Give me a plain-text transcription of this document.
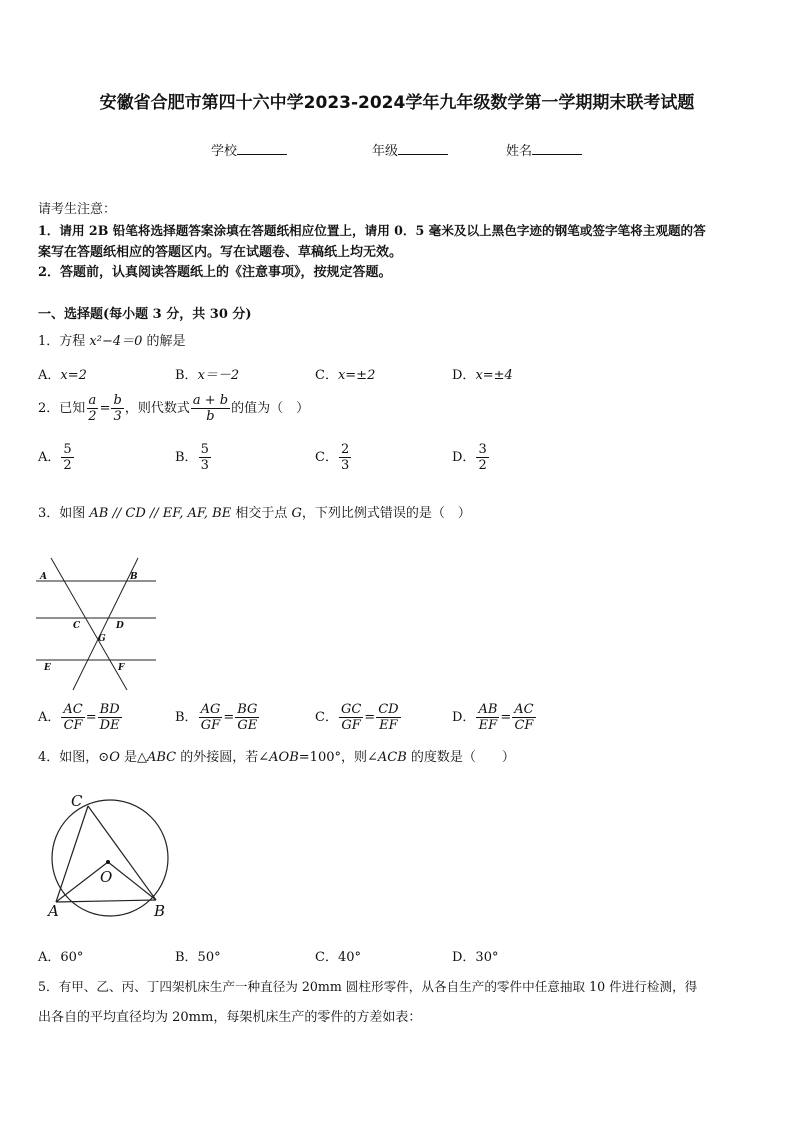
安徽省合肥市第四十六中学2023-2024学年九年级数学第一学期期末联考试题
学校	年级	姓名
请考生注意：
1．请用 2B 铅笔将选择题答案涂填在答题纸相应位置上，请用 0．5 毫米及以上黑色字迹的钢笔或签字笔将主观题的答
案写在答题纸相应的答题区内。写在试题卷、草稿纸上均无效。
2．答题前，认真阅读答题纸上的《注意事项》，按规定答题。
一、选择题(每小题 3 分，共 30 分)
1．方程 x²−4＝0 的解是
A．x=2	B．x＝－2	C．x=±2	D．x=±4
2．已知 $\frac{a}{2} = \frac{b}{3}$ ，则代数式 $\frac{a + b}{b}$ 的值为（　）
A． $\frac{5}{2}$	B． $\frac{5}{3}$	C． $\frac{2}{3}$	D． $\frac{3}{2}$
3．如图 AB // CD // EF, AF, BE 相交于点 G，下列比例式错误的是（　）
A	B
C	D
G
E	F
A． $\frac{AC}{CF} = \frac{BD}{DE}$	B． $\frac{AG}{GF} = \frac{BG}{GE}$	C． $\frac{GC}{GF} = \frac{CD}{EF}$	D． $\frac{AB}{EF} = \frac{AC}{CF}$
4．如图，⊙O 是△ABC 的外接圆，若∠AOB=100°，则∠ACB 的度数是（　　）
C
O
A	B
A．60°	B．50°	C．40°	D．30°
5．有甲、乙、丙、丁四架机床生产一种直径为 20mm 圆柱形零件，从各自生产的零件中任意抽取 10 件进行检测，得
出各自的平均直径均为 20mm，每架机床生产的零件的方差如表：
